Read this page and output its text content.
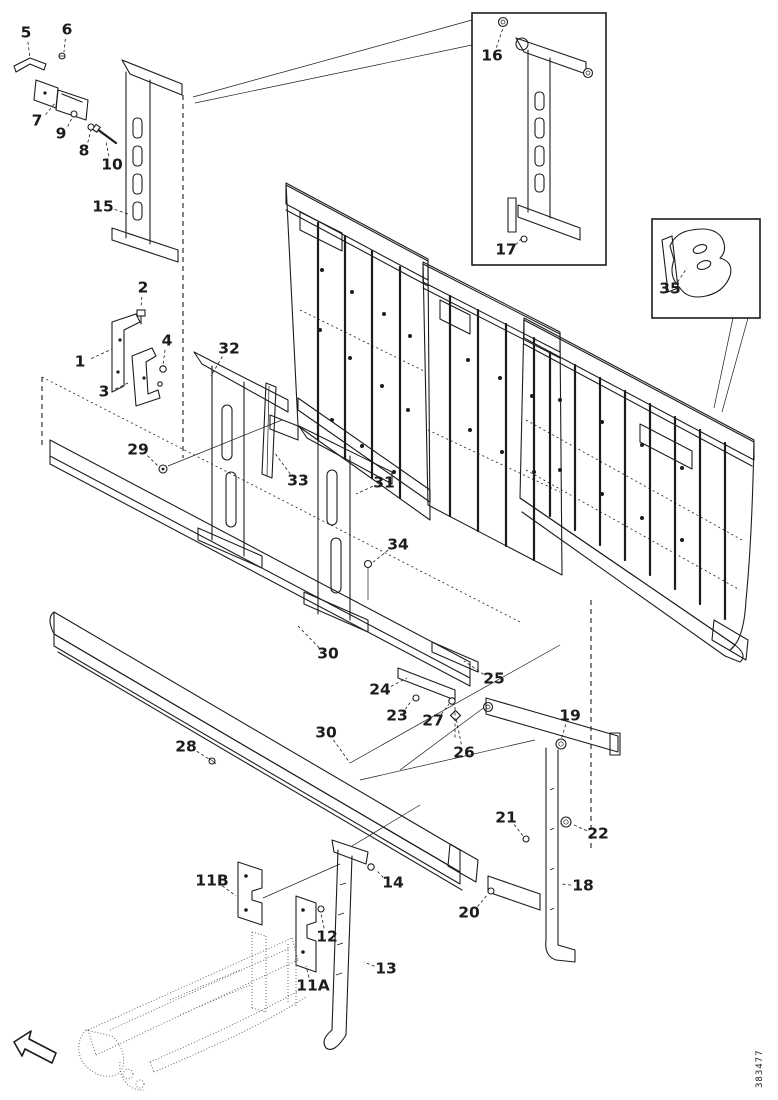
5 6
7
9
8
10
15
16
17
35
2
4
1
3
29
32
33	31
34
30
24
23
25
27
26
19
28
30
21
22
18
20
11B	14
12
13
11A
383477
